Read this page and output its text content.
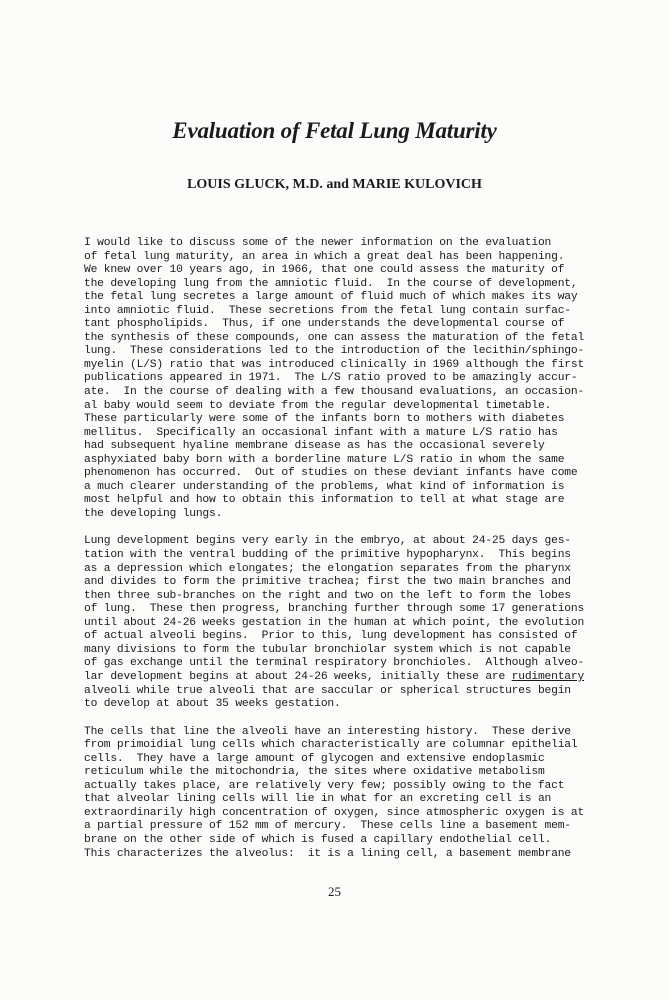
Evaluation of Fetal Lung Maturity
LOUIS GLUCK, M.D. and MARIE KULOVICH

I would like to discuss some of the newer information on the evaluation
of fetal lung maturity, an area in which a great deal has been happening.
We knew over 10 years ago, in 1966, that one could assess the maturity of
the developing lung from the amniotic fluid.  In the course of development,
the fetal lung secretes a large amount of fluid much of which makes its way
into amniotic fluid.  These secretions from the fetal lung contain surfac-
tant phospholipids.  Thus, if one understands the developmental course of
the synthesis of these compounds, one can assess the maturation of the fetal
lung.  These considerations led to the introduction of the lecithin/sphingo-
myelin (L/S) ratio that was introduced clinically in 1969 although the first
publications appeared in 1971.  The L/S ratio proved to be amazingly accur-
ate.  In the course of dealing with a few thousand evaluations, an occasion-
al baby would seem to deviate from the regular developmental timetable.
These particularly were some of the infants born to mothers with diabetes
mellitus.  Specifically an occasional infant with a mature L/S ratio has
had subsequent hyaline membrane disease as has the occasional severely
asphyxiated baby born with a borderline mature L/S ratio in whom the same
phenomenon has occurred.  Out of studies on these deviant infants have come
a much clearer understanding of the problems, what kind of information is
most helpful and how to obtain this information to tell at what stage are
the developing lungs.

Lung development begins very early in the embryo, at about 24-25 days ges-
tation with the ventral budding of the primitive hypopharynx.  This begins
as a depression which elongates; the elongation separates from the pharynx
and divides to form the primitive trachea; first the two main branches and
then three sub-branches on the right and two on the left to form the lobes
of lung.  These then progress, branching further through some 17 generations
until about 24-26 weeks gestation in the human at which point, the evolution
of actual alveoli begins.  Prior to this, lung development has consisted of
many divisions to form the tubular bronchiolar system which is not capable
of gas exchange until the terminal respiratory bronchioles.  Although alveo-
lar development begins at about 24-26 weeks, initially these are rudimentary
alveoli while true alveoli that are saccular or spherical structures begin
to develop at about 35 weeks gestation.

The cells that line the alveoli have an interesting history.  These derive
from primoidial lung cells which characteristically are columnar epithelial
cells.  They have a large amount of glycogen and extensive endoplasmic
reticulum while the mitochondria, the sites where oxidative metabolism
actually takes place, are relatively very few; possibly owing to the fact
that alveolar lining cells will lie in what for an excreting cell is an
extraordinarily high concentration of oxygen, since atmospheric oxygen is at
a partial pressure of 152 mm of mercury.  These cells line a basement mem-
brane on the other side of which is fused a capillary endothelial cell.
This characterizes the alveolus:  it is a lining cell, a basement membrane

25
